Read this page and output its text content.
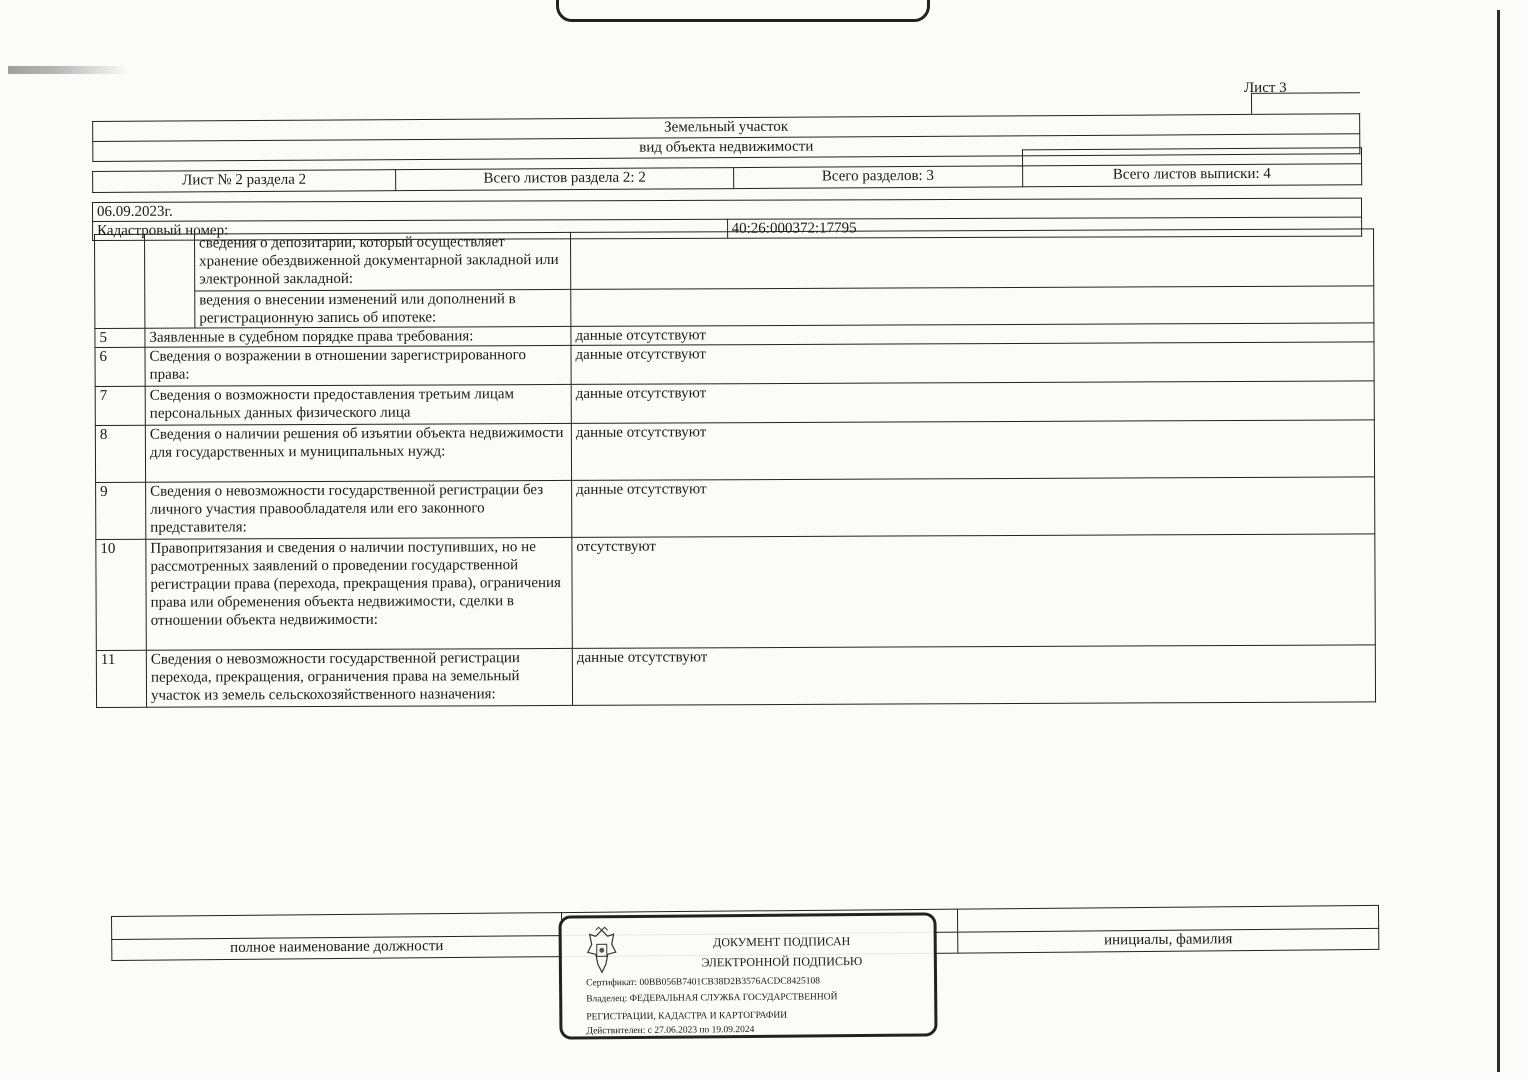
Лист 3

Земельный участок
вид объекта недвижимости

Лист № 2 раздела 2	Всего листов раздела 2: 2	Всего разделов: 3	Всего листов выписки: 4
06.09.2023г.
Кадастровый номер:	40:26:000372:17795
		сведения о депозитарии, который осуществляет хранение обездвиженной документарной закладной или электронной закладной:	
		ведения о внесении изменений или дополнений в регистрационную запись об ипотеке:	
5	Заявленные в судебном порядке права требования:		данные отсутствуют
6	Сведения о возражении в отношении зарегистрированного права:		данные отсутствуют
7	Сведения о возможности предоставления третьим лицам персональных данных физического лица		данные отсутствуют
8	Сведения о наличии решения об изъятии объекта недвижимости для государственных и муниципальных нужд:		данные отсутствуют
9	Сведения о невозможности государственной регистрации без личного участия правообладателя или его законного представителя:		данные отсутствуют
10	Правопритязания и сведения о наличии поступивших, но не рассмотренных заявлений о проведении государственной регистрации права (перехода, прекращения права), ограничения права или обременения объекта недвижимости, сделки в отношении объекта недвижимости:		отсутствуют
11	Сведения о невозможности государственной регистрации перехода, прекращения, ограничения права на земельный участок из земель сельскохозяйственного назначения:		данные отсутствуют

полное наименование должности		инициалы, фамилия
ДОКУМЕНТ ПОДПИСАН
ЭЛЕКТРОННОЙ ПОДПИСЬЮ
Сертификат: 00BB056B7401CB38D2B3576ACDC8425108
Владелец: ФЕДЕРАЛЬНАЯ СЛУЖБА ГОСУДАРСТВЕННОЙ
РЕГИСТРАЦИИ, КАДАСТРА И КАРТОГРАФИИ
Действителен: с 27.06.2023 по 19.09.2024
